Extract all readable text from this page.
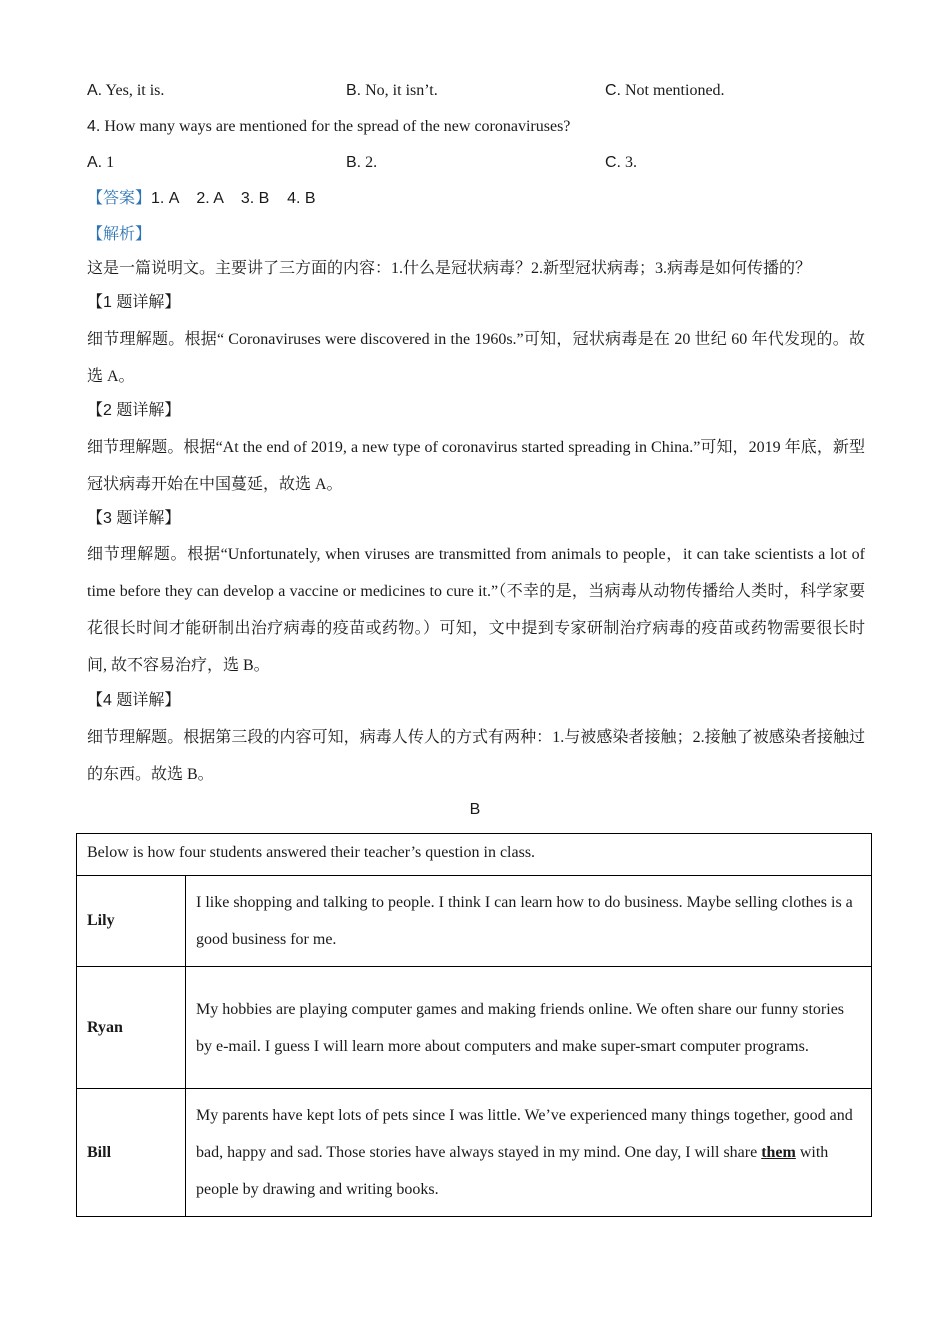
A. Yes, it is.	B. No, it isn’t.	C. Not mentioned.
4. How many ways are mentioned for the spread of the new coronaviruses?
A. 1	B. 2.	C. 3.
【答案】1. A    2. A    3. B    4. B
【解析】
这是一篇说明文。主要讲了三方面的内容：1.什么是冠状病毒？2.新型冠状病毒；3.病毒是如何传播的？
【1 题详解】
细节理解题。根据“ Coronaviruses were discovered in the 1960s.”可知，冠状病毒是在 20 世纪 60 年代发现的。故选 A。
【2 题详解】
细节理解题。根据“At the end of 2019, a new type of coronavirus started spreading in China.”可知，2019 年底，新型冠状病毒开始在中国蔓延，故选 A。
【3 题详解】
细节理解题。根据“Unfortunately, when viruses are transmitted from animals to people，it can take scientists a lot of time before they can develop a vaccine or medicines to cure it.”（不幸的是，当病毒从动物传播给人类时，科学家要花很长时间才能研制出治疗病毒的疫苗或药物。）可知，文中提到专家研制治疗病毒的疫苗或药物需要很长时间, 故不容易治疗，选 B。
【4 题详解】
细节理解题。根据第三段的内容可知，病毒人传人的方式有两种：1.与被感染者接触；2.接触了被感染者接触过的东西。故选 B。
B
Below is how four students answered their teacher’s question in class.	
Lily	I like shopping and talking to people. I think I can learn how to do business. Maybe selling clothes is a good business for me.
Ryan	My hobbies are playing computer games and making friends online. We often share our funny stories by e-mail. I guess I will learn more about computers and make super-smart computer programs.
Bill	My parents have kept lots of pets since I was little. We’ve experienced many things together, good and bad, happy and sad. Those stories have always stayed in my mind. One day, I will share them with people by drawing and writing books.
